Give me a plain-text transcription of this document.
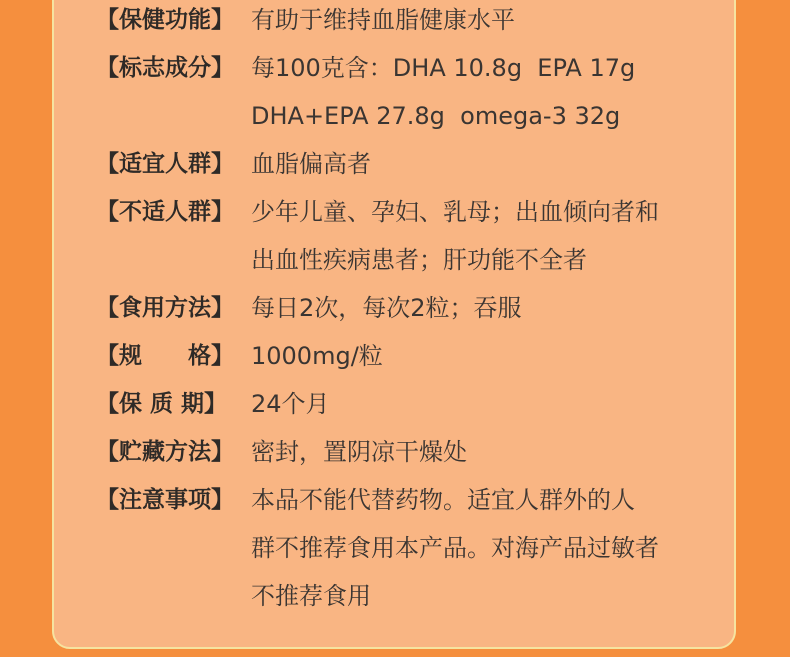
【保健功能】 有助于维持血脂健康水平
【标志成分】 每100克含：DHA 10.8g  EPA 17g
DHA+EPA 27.8g  omega-3 32g
【适宜人群】 血脂偏高者
【不适人群】 少年儿童、孕妇、乳母；出血倾向者和
出血性疾病患者；肝功能不全者
【食用方法】 每日2次，每次2粒；吞服
【规　　格】 1000mg/粒
【保 质 期】 24个月
【贮藏方法】 密封，置阴凉干燥处
【注意事项】 本品不能代替药物。适宜人群外的人
群不推荐食用本产品。对海产品过敏者
不推荐食用
